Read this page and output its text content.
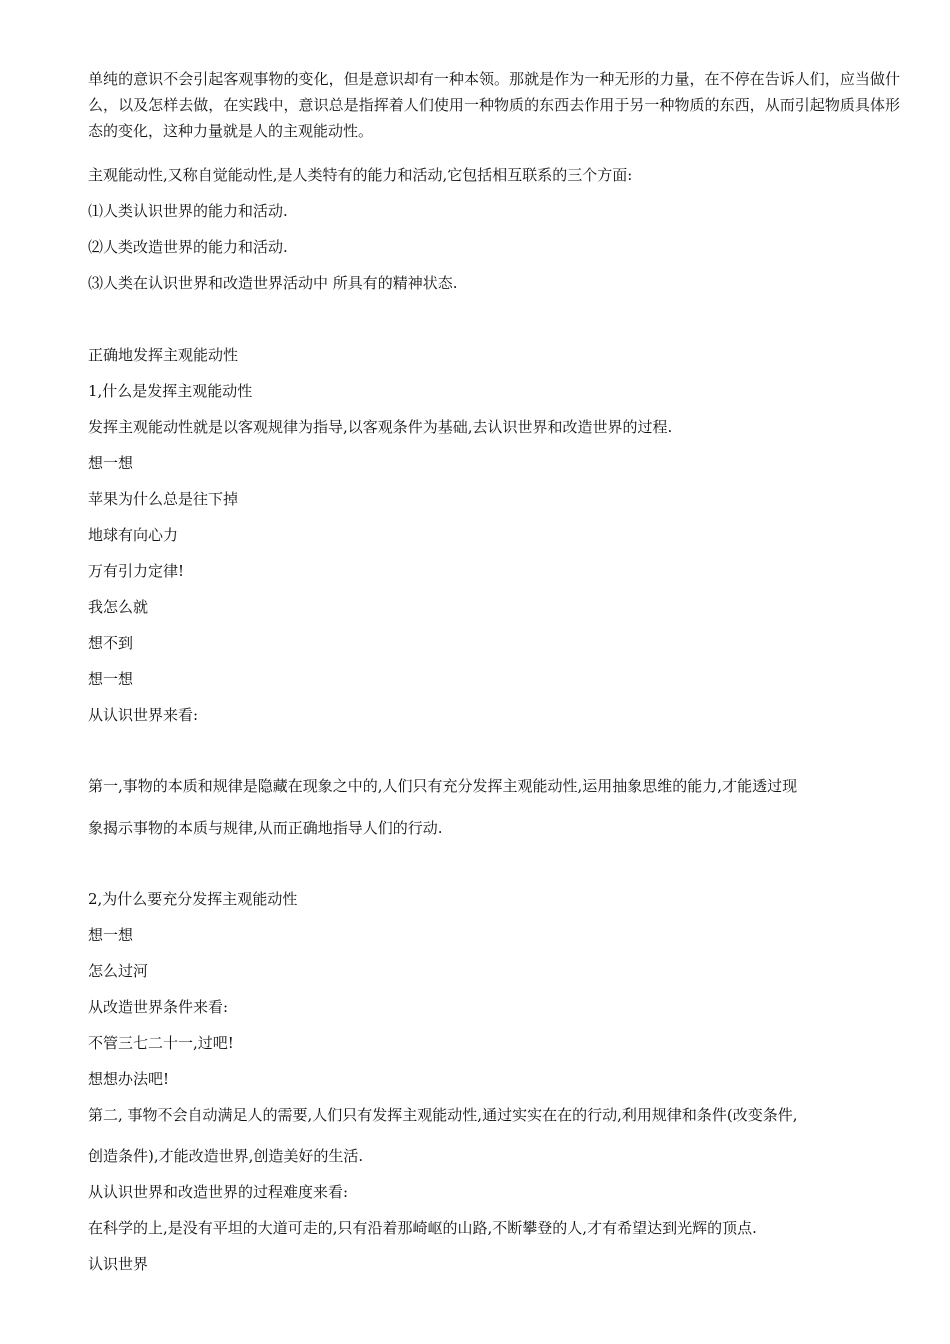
单纯的意识不会引起客观事物的变化，但是意识却有一种本领。那就是作为一种无形的力量，在不停在告诉人们，应当做什么，以及怎样去做，在实践中，意识总是指挥着人们使用一种物质的东西去作用于另一种物质的东西，从而引起物质具体形态的变化，这种力量就是人的主观能动性。

主观能动性,又称自觉能动性,是人类特有的能力和活动,它包括相互联系的三个方面:

⑴人类认识世界的能力和活动.

⑵人类改造世界的能力和活动.

⑶人类在认识世界和改造世界活动中 所具有的精神状态.

正确地发挥主观能动性

1,什么是发挥主观能动性

发挥主观能动性就是以客观规律为指导,以客观条件为基础,去认识世界和改造世界的过程.

想一想

苹果为什么总是往下掉

地球有向心力

万有引力定律!

我怎么就

想不到

想一想

从认识世界来看:

第一,事物的本质和规律是隐藏在现象之中的,人们只有充分发挥主观能动性,运用抽象思维的能力,才能透过现

象揭示事物的本质与规律,从而正确地指导人们的行动.

2,为什么要充分发挥主观能动性

想一想

怎么过河

从改造世界条件来看:

不管三七二十一,过吧!

想想办法吧!

第二, 事物不会自动满足人的需要,人们只有发挥主观能动性,通过实实在在的行动,利用规律和条件(改变条件,

创造条件),才能改造世界,创造美好的生活.

从认识世界和改造世界的过程难度来看:

在科学的上,是没有平坦的大道可走的,只有沿着那崎岖的山路,不断攀登的人,才有希望达到光辉的顶点.

认识世界
